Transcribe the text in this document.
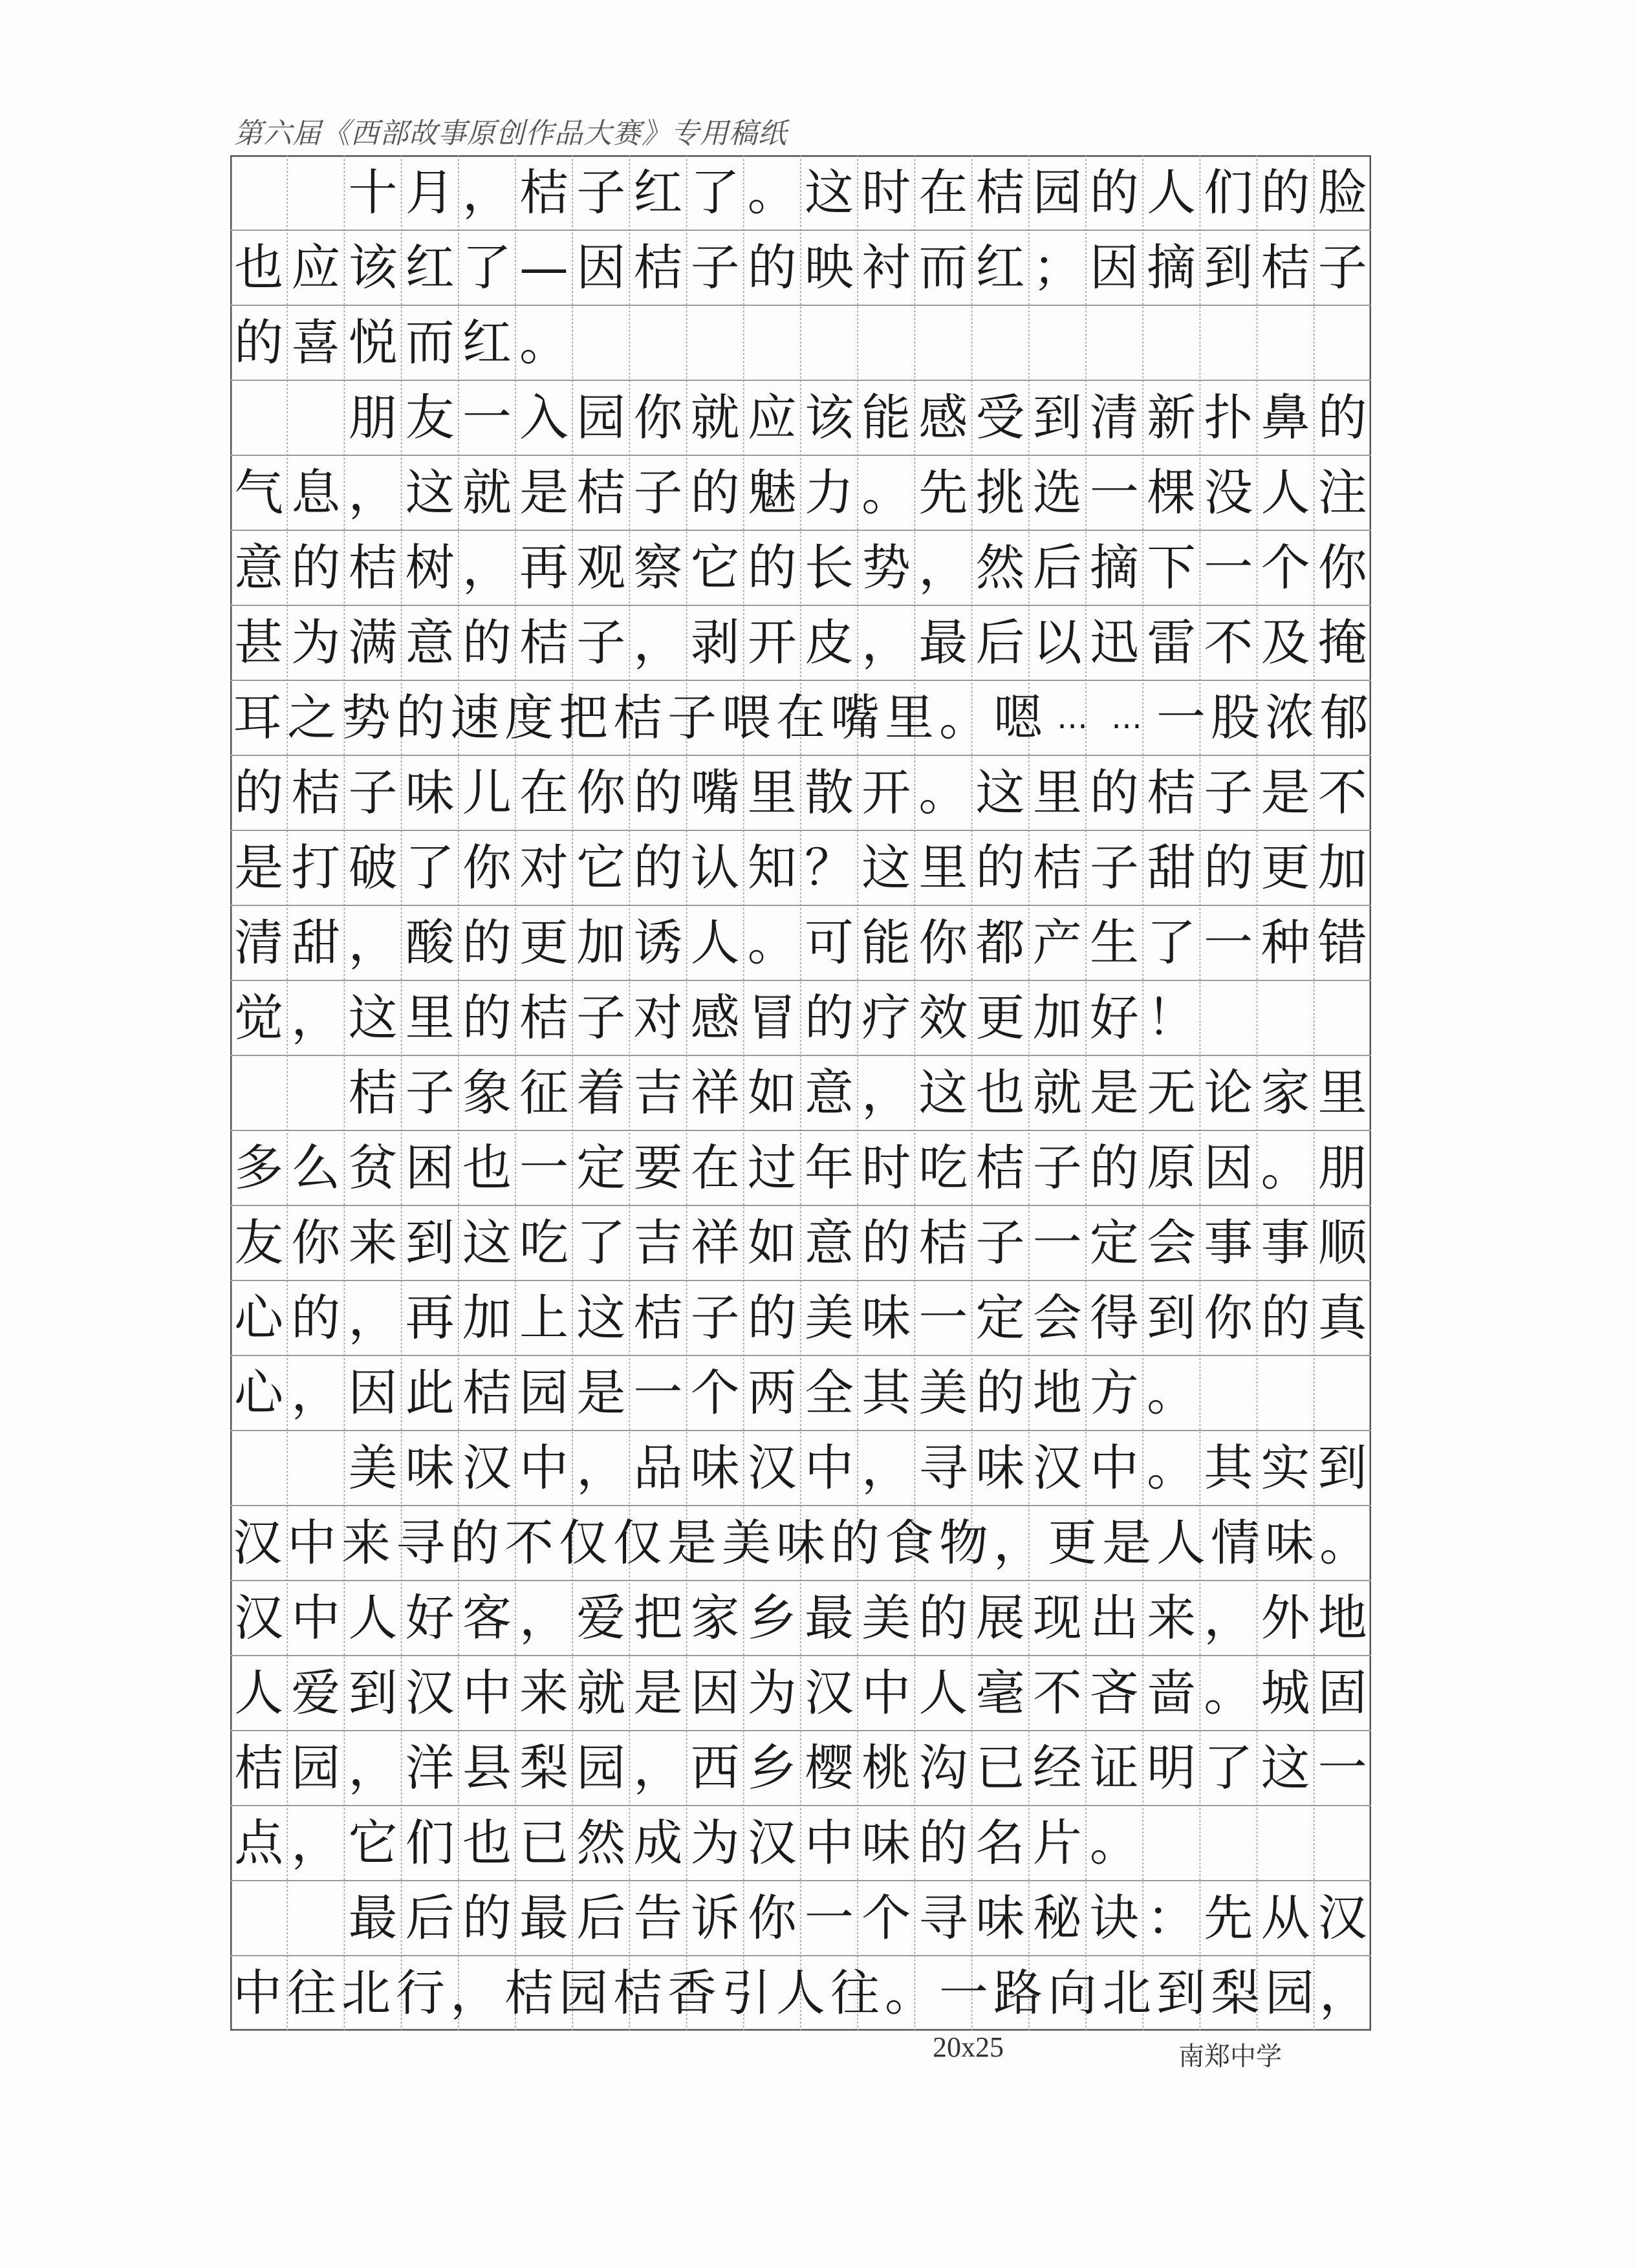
第六届《西部故事原创作品大赛》专用稿纸
十 月 ， 桔 子 红 了 。 这 时 在 桔 园 的 人 们 的 脸
也 应 该 红 了 — 因 桔 子 的 映 衬 而 红 ； 因 摘 到 桔 子
的 喜 悦 而 红 。
朋 友 一 入 园 你 就 应 该 能 感 受 到 清 新 扑 鼻 的
气 息 ， 这 就 是 桔 子 的 魅 力 。 先 挑 选 一 棵 没 人 注
意 的 桔 树 ， 再 观 察 它 的 长 势 ， 然 后 摘 下 一 个 你
甚 为 满 意 的 桔 子 ， 剥 开 皮 ， 最 后 以 迅 雷 不 及 掩
耳 之 势 的 速 度 把 桔 子 喂 在 嘴 里 。 嗯 … … 一 股 浓 郁
的 桔 子 味 儿 在 你 的 嘴 里 散 开 。 这 里 的 桔 子 是 不
是 打 破 了 你 对 它 的 认 知 ？ 这 里 的 桔 子 甜 的 更 加
清 甜 ， 酸 的 更 加 诱 人 。 可 能 你 都 产 生 了 一 种 错
觉 ， 这 里 的 桔 子 对 感 冒 的 疗 效 更 加 好 ！
桔 子 象 征 着 吉 祥 如 意 ， 这 也 就 是 无 论 家 里
多 么 贫 困 也 一 定 要 在 过 年 时 吃 桔 子 的 原 因 。 朋
友 你 来 到 这 吃 了 吉 祥 如 意 的 桔 子 一 定 会 事 事 顺
心 的 ， 再 加 上 这 桔 子 的 美 味 一 定 会 得 到 你 的 真
心 ， 因 此 桔 园 是 一 个 两 全 其 美 的 地 方 。
美 味 汉 中 ， 品 味 汉 中 ， 寻 味 汉 中 。 其 实 到
汉 中 来 寻 的 不 仅 仅 是 美 味 的 食 物 ， 更 是 人 情 味 。
汉 中 人 好 客 ， 爱 把 家 乡 最 美 的 展 现 出 来 ， 外 地
人 爱 到 汉 中 来 就 是 因 为 汉 中 人 毫 不 吝 啬 。 城 固
桔 园 ， 洋 县 梨 园 ， 西 乡 樱 桃 沟 已 经 证 明 了 这 一
点 ， 它 们 也 已 然 成 为 汉 中 味 的 名 片 。
最 后 的 最 后 告 诉 你 一 个 寻 味 秘 诀 ： 先 从 汉
中 往 北 行 ， 桔 园 桔 香 引 人 往 。 一 路 向 北 到 梨 园 ，
20x25	南郑中学
